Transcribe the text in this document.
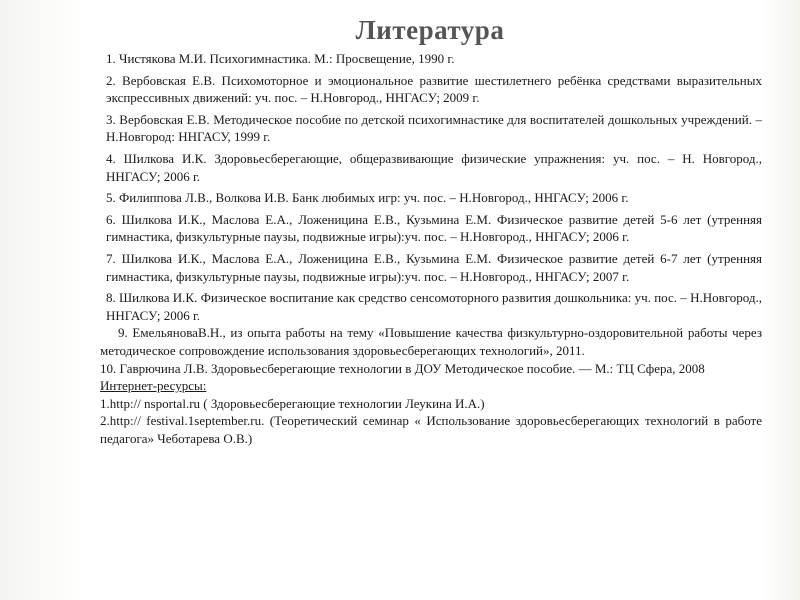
Литература
1. Чистякова М.И. Психогимнастика. М.: Просвещение, 1990 г.
2. Вербовская Е.В. Психомоторное и эмоциональное развитие шестилетнего ребёнка средствами выразительных экспрессивных движений: уч. пос. – Н.Новгород., ННГАСУ; 2009 г.
3. Вербовская Е.В. Методическое пособие по детской психогимнастике для воспитателей дошкольных учреждений. – Н.Новгород: ННГАСУ, 1999 г.
4. Шилкова И.К. Здоровьесберегающие, общеразвивающие физические упражнения: уч. пос. – Н. Новгород., ННГАСУ; 2006 г.
5. Филиппова Л.В., Волкова И.В. Банк любимых игр: уч. пос. – Н.Новгород., ННГАСУ; 2006 г.
6. Шилкова И.К., Маслова Е.А., Ложеницина Е.В., Кузьмина Е.М. Физическое развитие детей 5-6 лет (утренняя гимнастика, физкультурные паузы, подвижные игры):уч. пос. – Н.Новгород., ННГАСУ; 2006 г.
7. Шилкова И.К., Маслова Е.А., Ложеницина Е.В., Кузьмина Е.М. Физическое развитие детей 6-7 лет (утренняя гимнастика, физкультурные паузы, подвижные игры):уч. пос. – Н.Новгород., ННГАСУ; 2007 г.
8. Шилкова И.К. Физическое воспитание как средство сенсомоторного развития дошкольника: уч. пос. – Н.Новгород., ННГАСУ; 2006 г.
9. ЕмельяноваВ.Н., из опыта работы на тему «Повышение качества физкультурно-оздоровительной работы через методическое сопровождение использования здоровьесберегающих технологий», 2011.
10. Гаврючина Л.В. Здоровьесберегающие технологии в ДОУ Методическое пособие. — М.: ТЦ Сфера, 2008
Интернет-ресурсы:
1.http:// nsportal.ru ( Здоровьесберегающие технологии Леукина И.А.)
2.http:// festival.1september.ru. (Теоретический семинар « Использование здоровьесберегающих технологий в работе педагога» Чеботарева О.В.)
